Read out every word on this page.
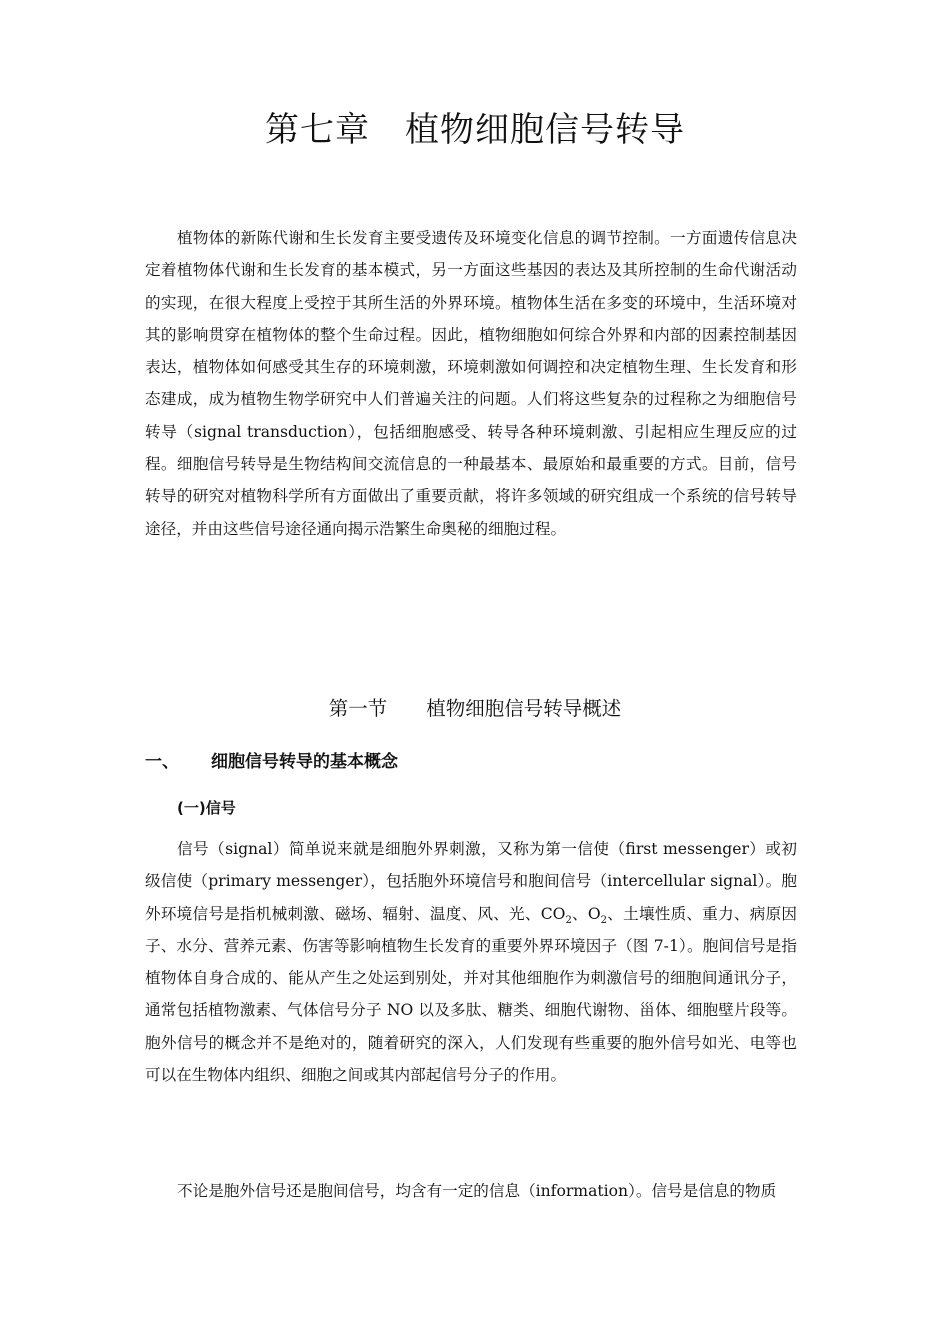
第七章　植物细胞信号转导

植物体的新陈代谢和生长发育主要受遗传及环境变化信息的调节控制。一方面遗传信息决定着植物体代谢和生长发育的基本模式，另一方面这些基因的表达及其所控制的生命代谢活动的实现，在很大程度上受控于其所生活的外界环境。植物体生活在多变的环境中，生活环境对其的影响贯穿在植物体的整个生命过程。因此，植物细胞如何综合外界和内部的因素控制基因表达，植物体如何感受其生存的环境刺激，环境刺激如何调控和决定植物生理、生长发育和形态建成，成为植物生物学研究中人们普遍关注的问题。人们将这些复杂的过程称之为细胞信号转导（signal transduction），包括细胞感受、转导各种环境刺激、引起相应生理反应的过程。细胞信号转导是生物结构间交流信息的一种最基本、最原始和最重要的方式。目前，信号转导的研究对植物科学所有方面做出了重要贡献，将许多领域的研究组成一个系统的信号转导途径，并由这些信号途径通向揭示浩繁生命奥秘的细胞过程。

第一节　　植物细胞信号转导概述
一、 细胞信号转导的基本概念
(一)信号

信号（signal）简单说来就是细胞外界刺激，又称为第一信使（first messenger）或初级信使（primary messenger），包括胞外环境信号和胞间信号（intercellular signal）。胞外环境信号是指机械刺激、磁场、辐射、温度、风、光、$CO_2$、$O_2$、土壤性质、重力、病原因子、水分、营养元素、伤害等影响植物生长发育的重要外界环境因子（图 7-1）。胞间信号是指植物体自身合成的、能从产生之处运到别处，并对其他细胞作为刺激信号的细胞间通讯分子，通常包括植物激素、气体信号分子 NO 以及多肽、糖类、细胞代谢物、甾体、细胞壁片段等。胞外信号的概念并不是绝对的，随着研究的深入，人们发现有些重要的胞外信号如光、电等也可以在生物体内组织、细胞之间或其内部起信号分子的作用。

不论是胞外信号还是胞间信号，均含有一定的信息（information）。信号是信息的物质
